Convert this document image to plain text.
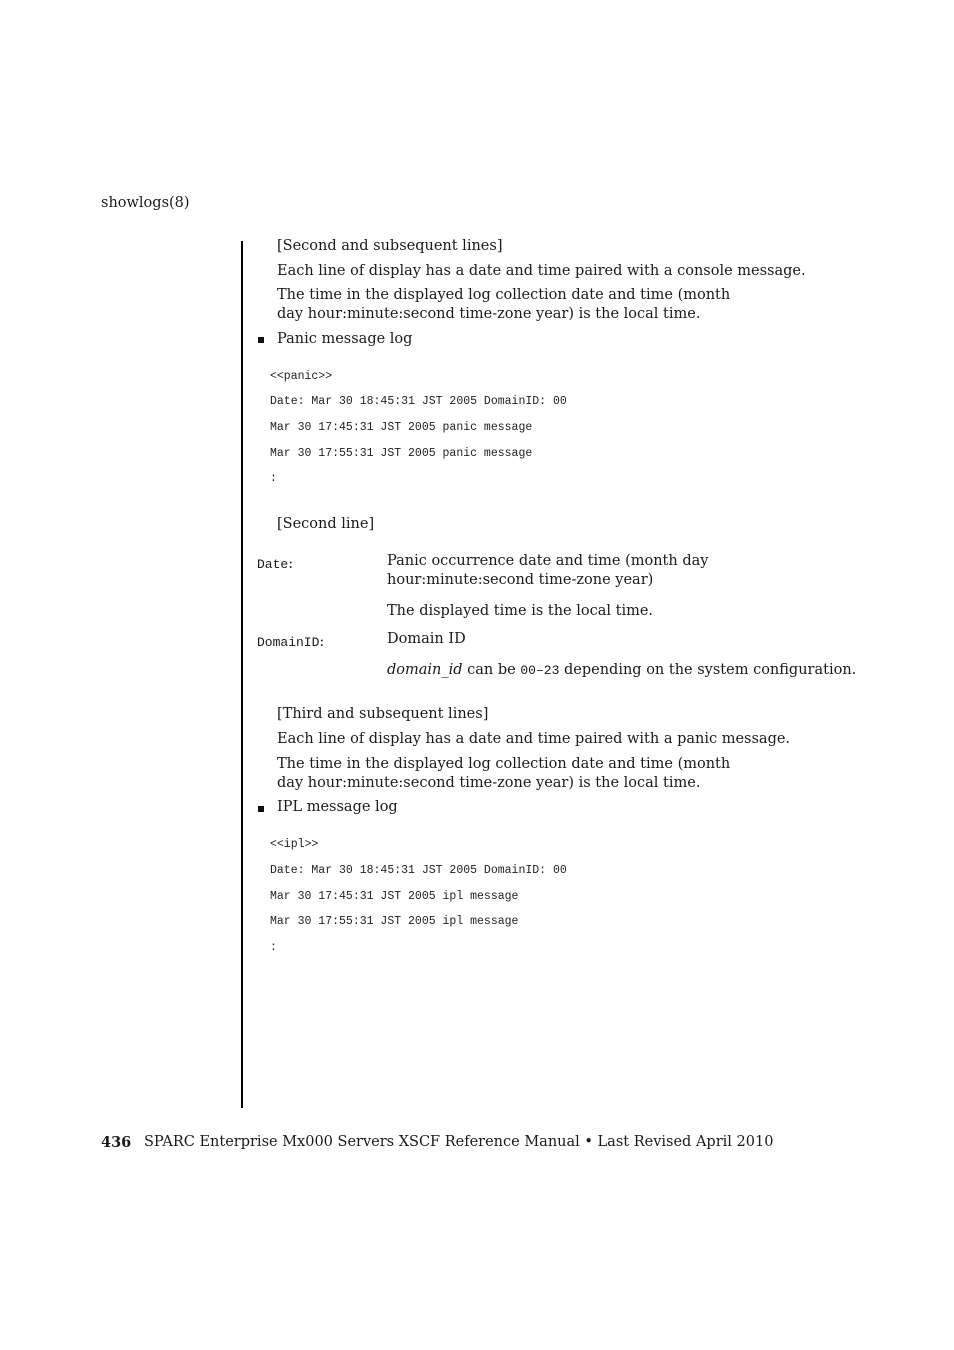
showlogs(8)
[Second and subsequent lines]
Each line of display has a date and time paired with a console message.
The time in the displayed log collection date and time (month day hour:minute:second time-zone year) is the local time.
Panic message log
<<panic>>
Date: Mar 30 18:45:31 JST 2005 DomainID: 00
Mar 30 17:45:31 JST 2005 panic message
Mar 30 17:55:31 JST 2005 panic message
:
[Second line]
Date:	Panic occurrence date and time (month day hour:minute:second time-zone year)
The displayed time is the local time.
DomainID:	Domain ID
domain_id can be 00–23 depending on the system configuration.
[Third and subsequent lines]
Each line of display has a date and time paired with a panic message.
The time in the displayed log collection date and time (month day hour:minute:second time-zone year) is the local time.
IPL message log
<<ipl>>
Date: Mar 30 18:45:31 JST 2005 DomainID: 00
Mar 30 17:45:31 JST 2005 ipl message
Mar 30 17:55:31 JST 2005 ipl message
:
436 SPARC Enterprise Mx000 Servers XSCF Reference Manual • Last Revised April 2010
